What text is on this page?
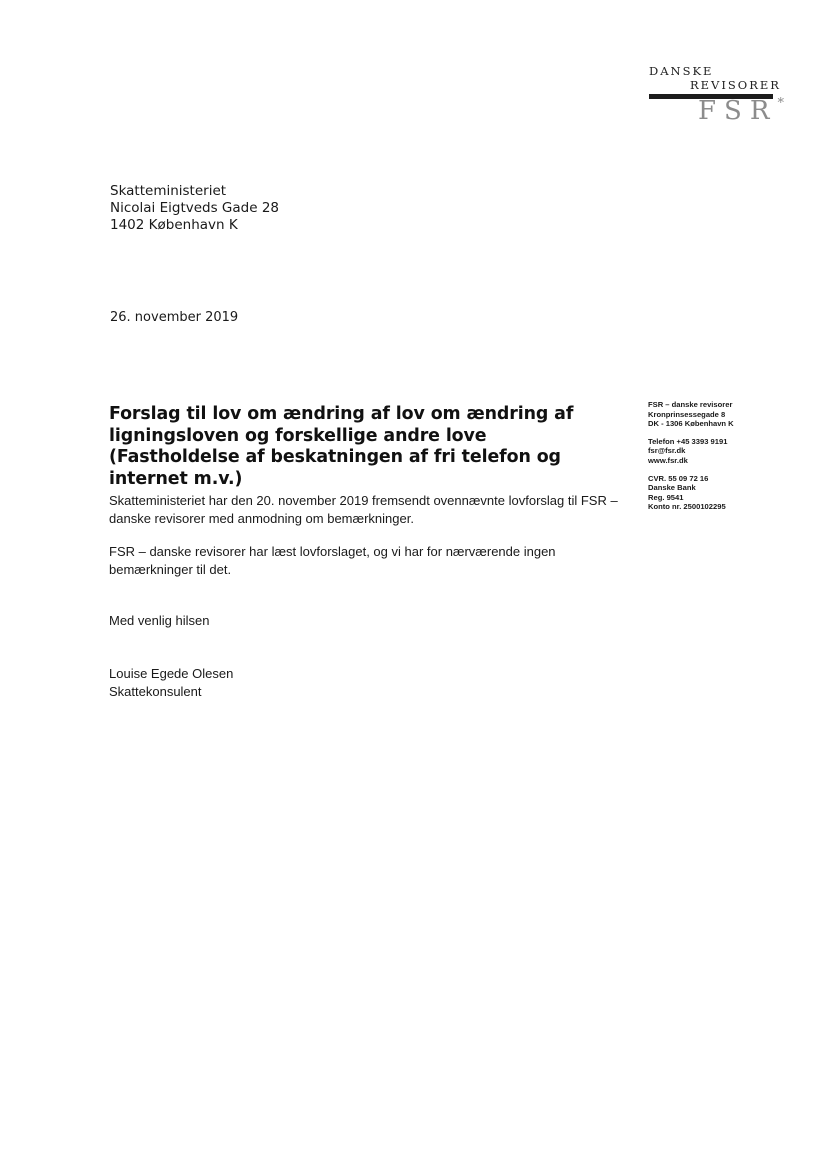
DANSKE
REVISORER
FSR*
Skatteministeriet
Nicolai Eigtveds Gade 28
1402 København K
26. november 2019
Forslag til lov om ændring af lov om ændring af ligningsloven og forskellige andre love (Fastholdelse af beskatningen af fri telefon og internet m.v.)
Skatteministeriet har den 20. november 2019 fremsendt ovennævnte lovforslag til FSR – danske revisorer med anmodning om bemærkninger.
FSR – danske revisorer har læst lovforslaget, og vi har for nærværende ingen bemærkninger til det.
Med venlig hilsen
Louise Egede Olesen
Skattekonsulent
FSR – danske revisorer
Kronprinsessegade 8
DK - 1306 København K
Telefon +45 3393 9191
fsr@fsr.dk
www.fsr.dk
CVR. 55 09 72 16
Danske Bank
Reg. 9541
Konto nr. 2500102295
